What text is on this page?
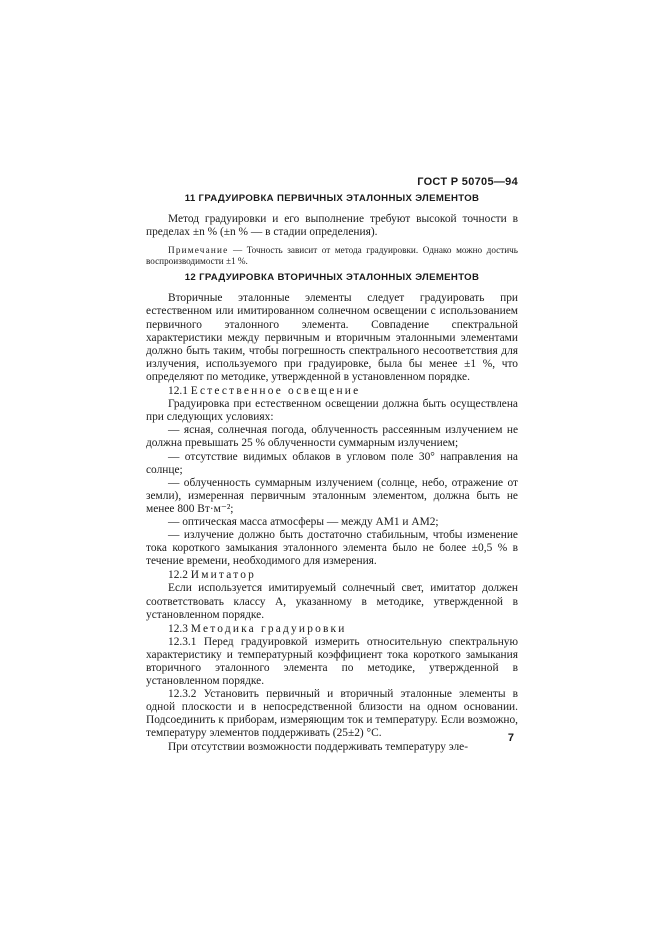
ГОСТ Р 50705—94
11 ГРАДУИРОВКА ПЕРВИЧНЫХ ЭТАЛОННЫХ ЭЛЕМЕНТОВ

Метод градуировки и его выполнение требуют высокой точности в пределах ±n % (±n % — в стадии определения).

Примечание — Точность зависит от метода градуировки. Однако можно достичь воспроизводимости ±1 %.

12 ГРАДУИРОВКА ВТОРИЧНЫХ ЭТАЛОННЫХ ЭЛЕМЕНТОВ

Вторичные эталонные элементы следует градуировать при естественном или имитированном солнечном освещении с использованием первичного эталонного элемента. Совпадение спектральной характеристики между первичным и вторичным эталонными элементами должно быть таким, чтобы погрешность спектрального несоответствия для излучения, используемого при градуировке, была бы менее ±1 %, что определяют по методике, утвержденной в установленном порядке.

12.1 Естественное освещение

Градуировка при естественном освещении должна быть осуществлена при следующих условиях:

— ясная, солнечная погода, облученность рассеянным излучением не должна превышать 25 % облученности суммарным излучением;

— отсутствие видимых облаков в угловом поле 30° направления на солнце;

— облученность суммарным излучением (солнце, небо, отражение от земли), измеренная первичным эталонным элементом, должна быть не менее 800 Вт·м⁻²;

— оптическая масса атмосферы — между АМ1 и АМ2;

— излучение должно быть достаточно стабильным, чтобы изменение тока короткого замыкания эталонного элемента было не более ±0,5 % в течение времени, необходимого для измерения.

12.2 Имитатор

Если используется имитируемый солнечный свет, имитатор должен соответствовать классу А, указанному в методике, утвержденной в установленном порядке.

12.3 Методика градуировки

12.3.1 Перед градуировкой измерить относительную спектральную характеристику и температурный коэффициент тока короткого замыкания вторичного эталонного элемента по методике, утвержденной в установленном порядке.

12.3.2 Установить первичный и вторичный эталонные элементы в одной плоскости и в непосредственной близости на одном основании. Подсоединить к приборам, измеряющим ток и температуру. Если возможно, температуру элементов поддерживать (25±2) °С.

При отсутствии возможности поддерживать температуру эле-

7
